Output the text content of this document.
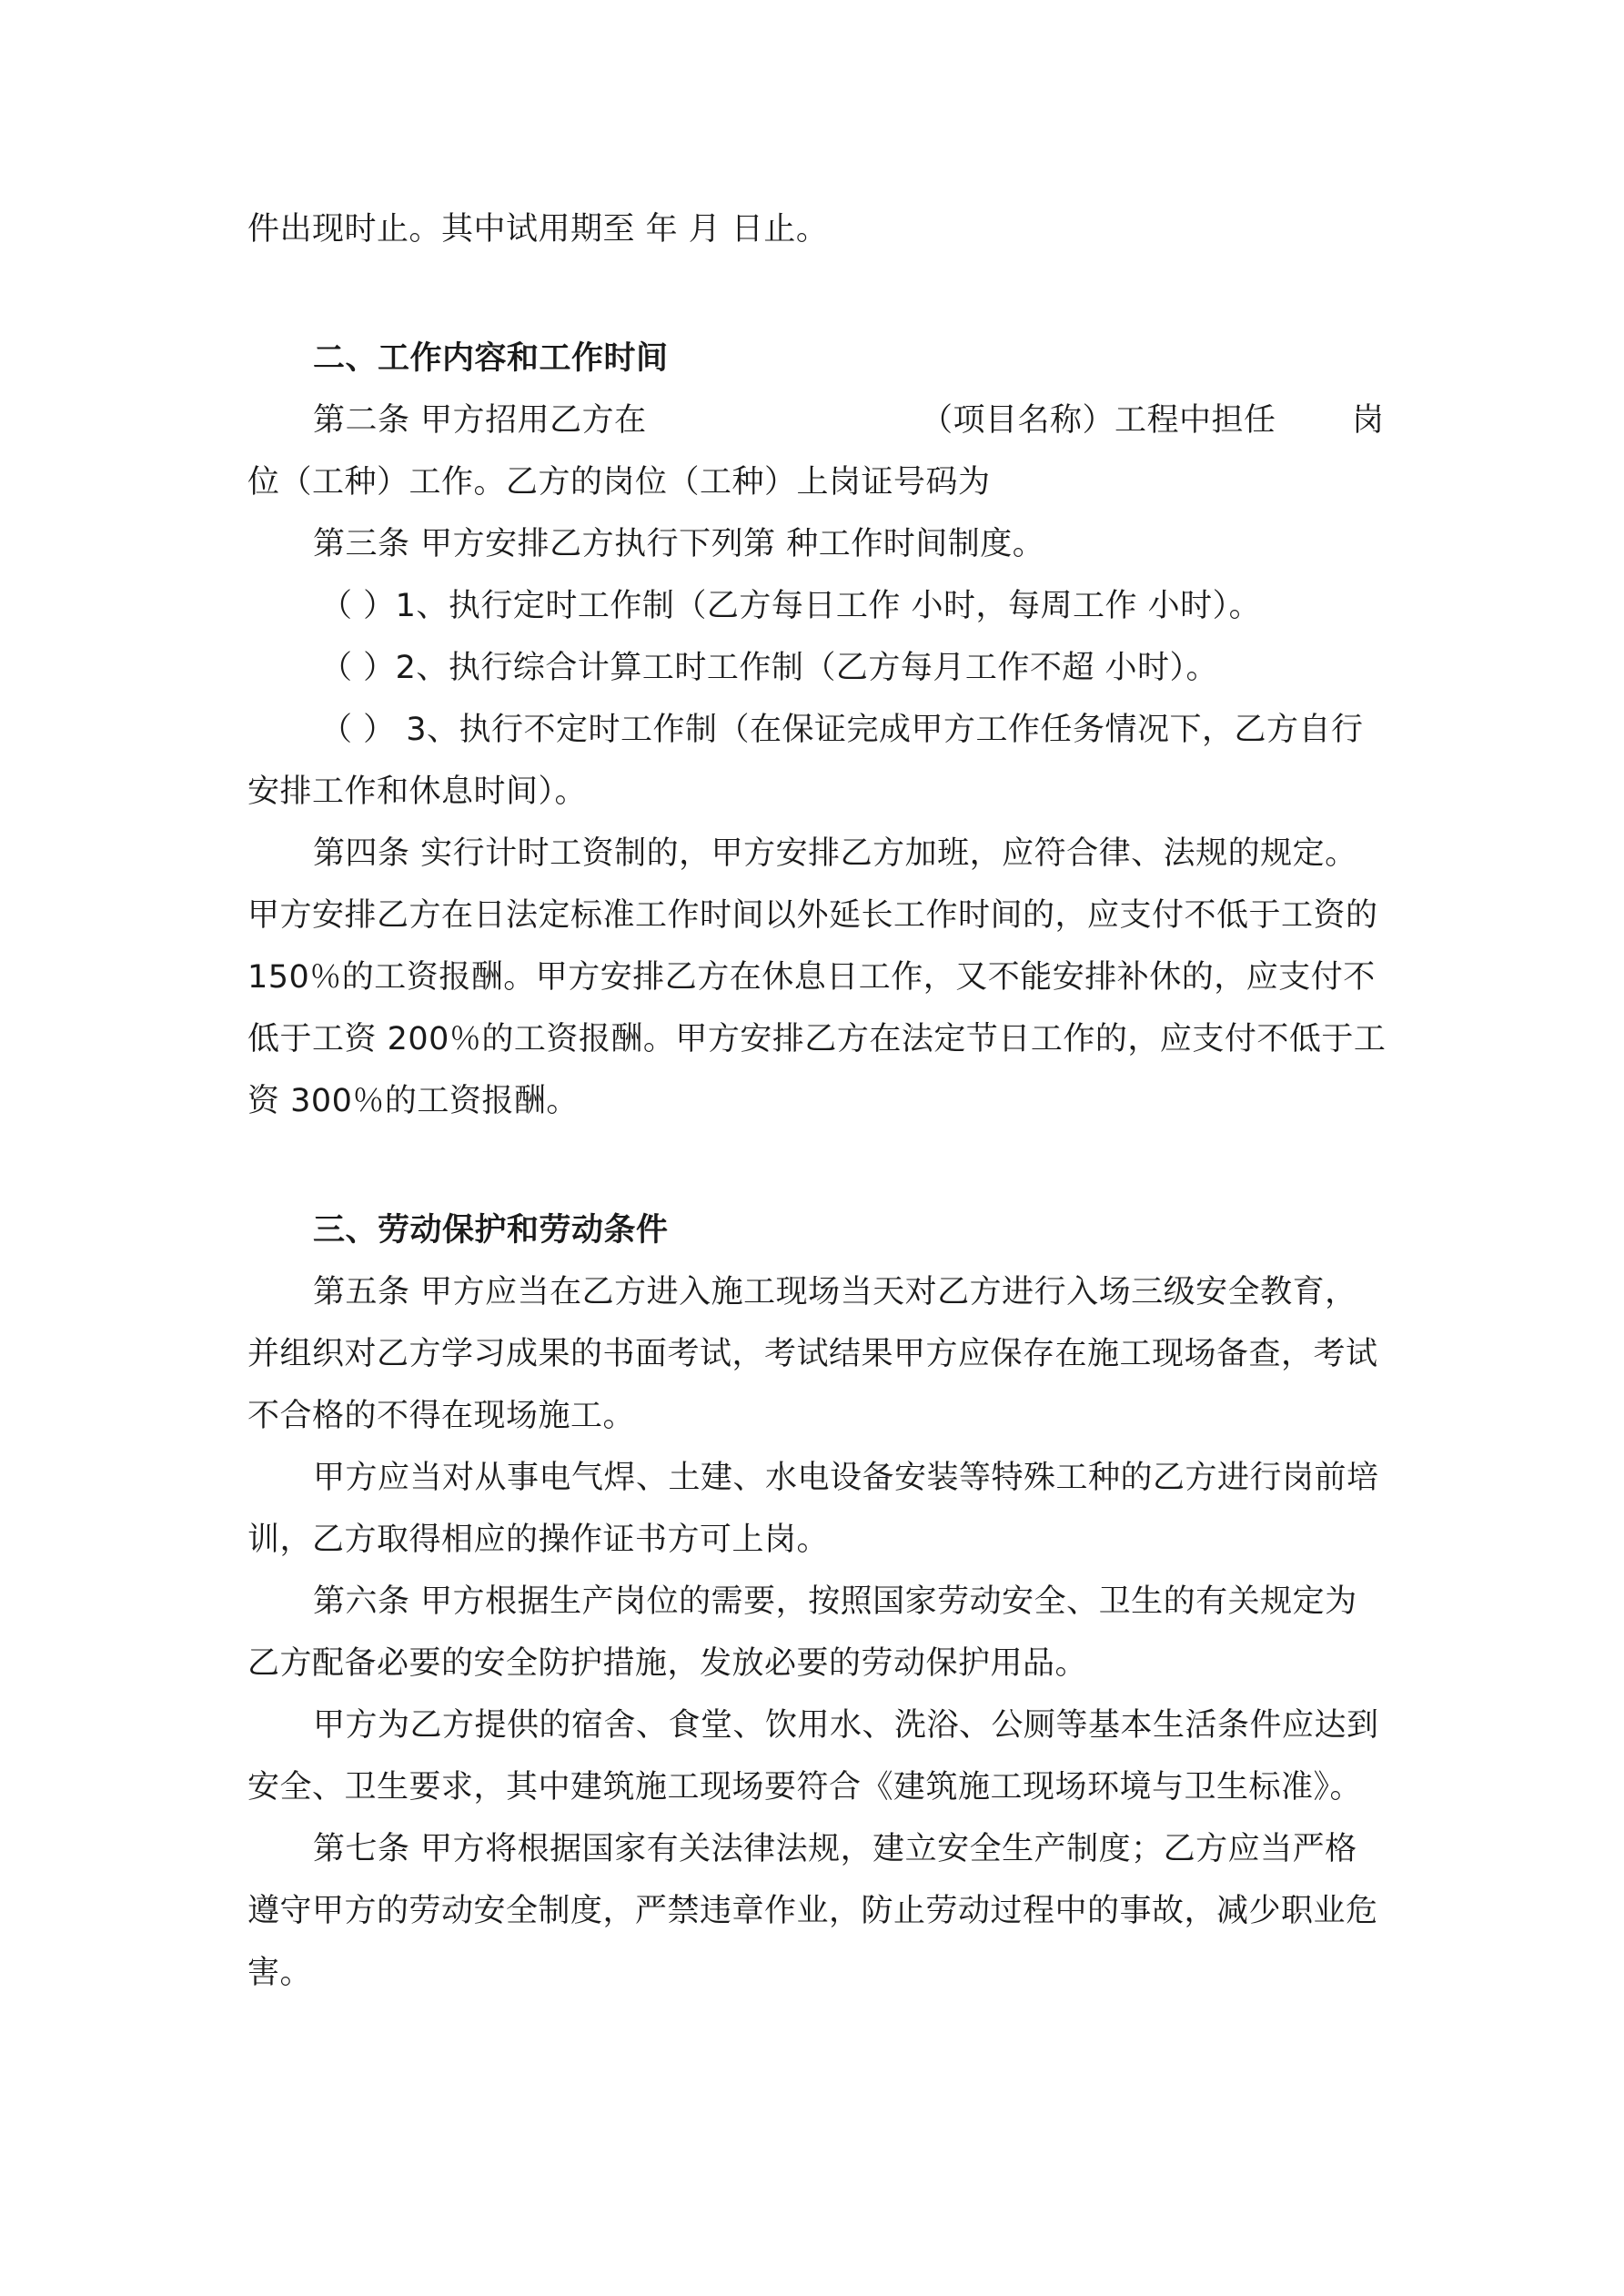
件出现时止。其中试用期至 年 月 日止。
二、工作内容和工作时间
第二条 甲方招用乙方在	（项目名称）工程中担任 岗
位（工种）工作。乙方的岗位（工种）上岗证号码为
第三条 甲方安排乙方执行下列第 种工作时间制度。
（ ）1、执行定时工作制（乙方每日工作 小时，每周工作 小时）。
（ ）2、执行综合计算工时工作制（乙方每月工作不超 小时）。
（ ） 3、执行不定时工作制（在保证完成甲方工作任务情况下，乙方自行
安排工作和休息时间）。
第四条 实行计时工资制的，甲方安排乙方加班，应符合律、法规的规定。
甲方安排乙方在日法定标准工作时间以外延长工作时间的，应支付不低于工资的
150％的工资报酬。甲方安排乙方在休息日工作，又不能安排补休的，应支付不
低于工资 200％的工资报酬。甲方安排乙方在法定节日工作的，应支付不低于工
资 300％的工资报酬。
三、劳动保护和劳动条件
第五条 甲方应当在乙方进入施工现场当天对乙方进行入场三级安全教育，
并组织对乙方学习成果的书面考试，考试结果甲方应保存在施工现场备查，考试
不合格的不得在现场施工。
甲方应当对从事电气焊、土建、水电设备安装等特殊工种的乙方进行岗前培
训，乙方取得相应的操作证书方可上岗。
第六条 甲方根据生产岗位的需要，按照国家劳动安全、卫生的有关规定为
乙方配备必要的安全防护措施，发放必要的劳动保护用品。
甲方为乙方提供的宿舍、食堂、饮用水、洗浴、公厕等基本生活条件应达到
安全、卫生要求，其中建筑施工现场要符合《建筑施工现场环境与卫生标准》。
第七条 甲方将根据国家有关法律法规，建立安全生产制度；乙方应当严格
遵守甲方的劳动安全制度，严禁违章作业，防止劳动过程中的事故，减少职业危
害。
